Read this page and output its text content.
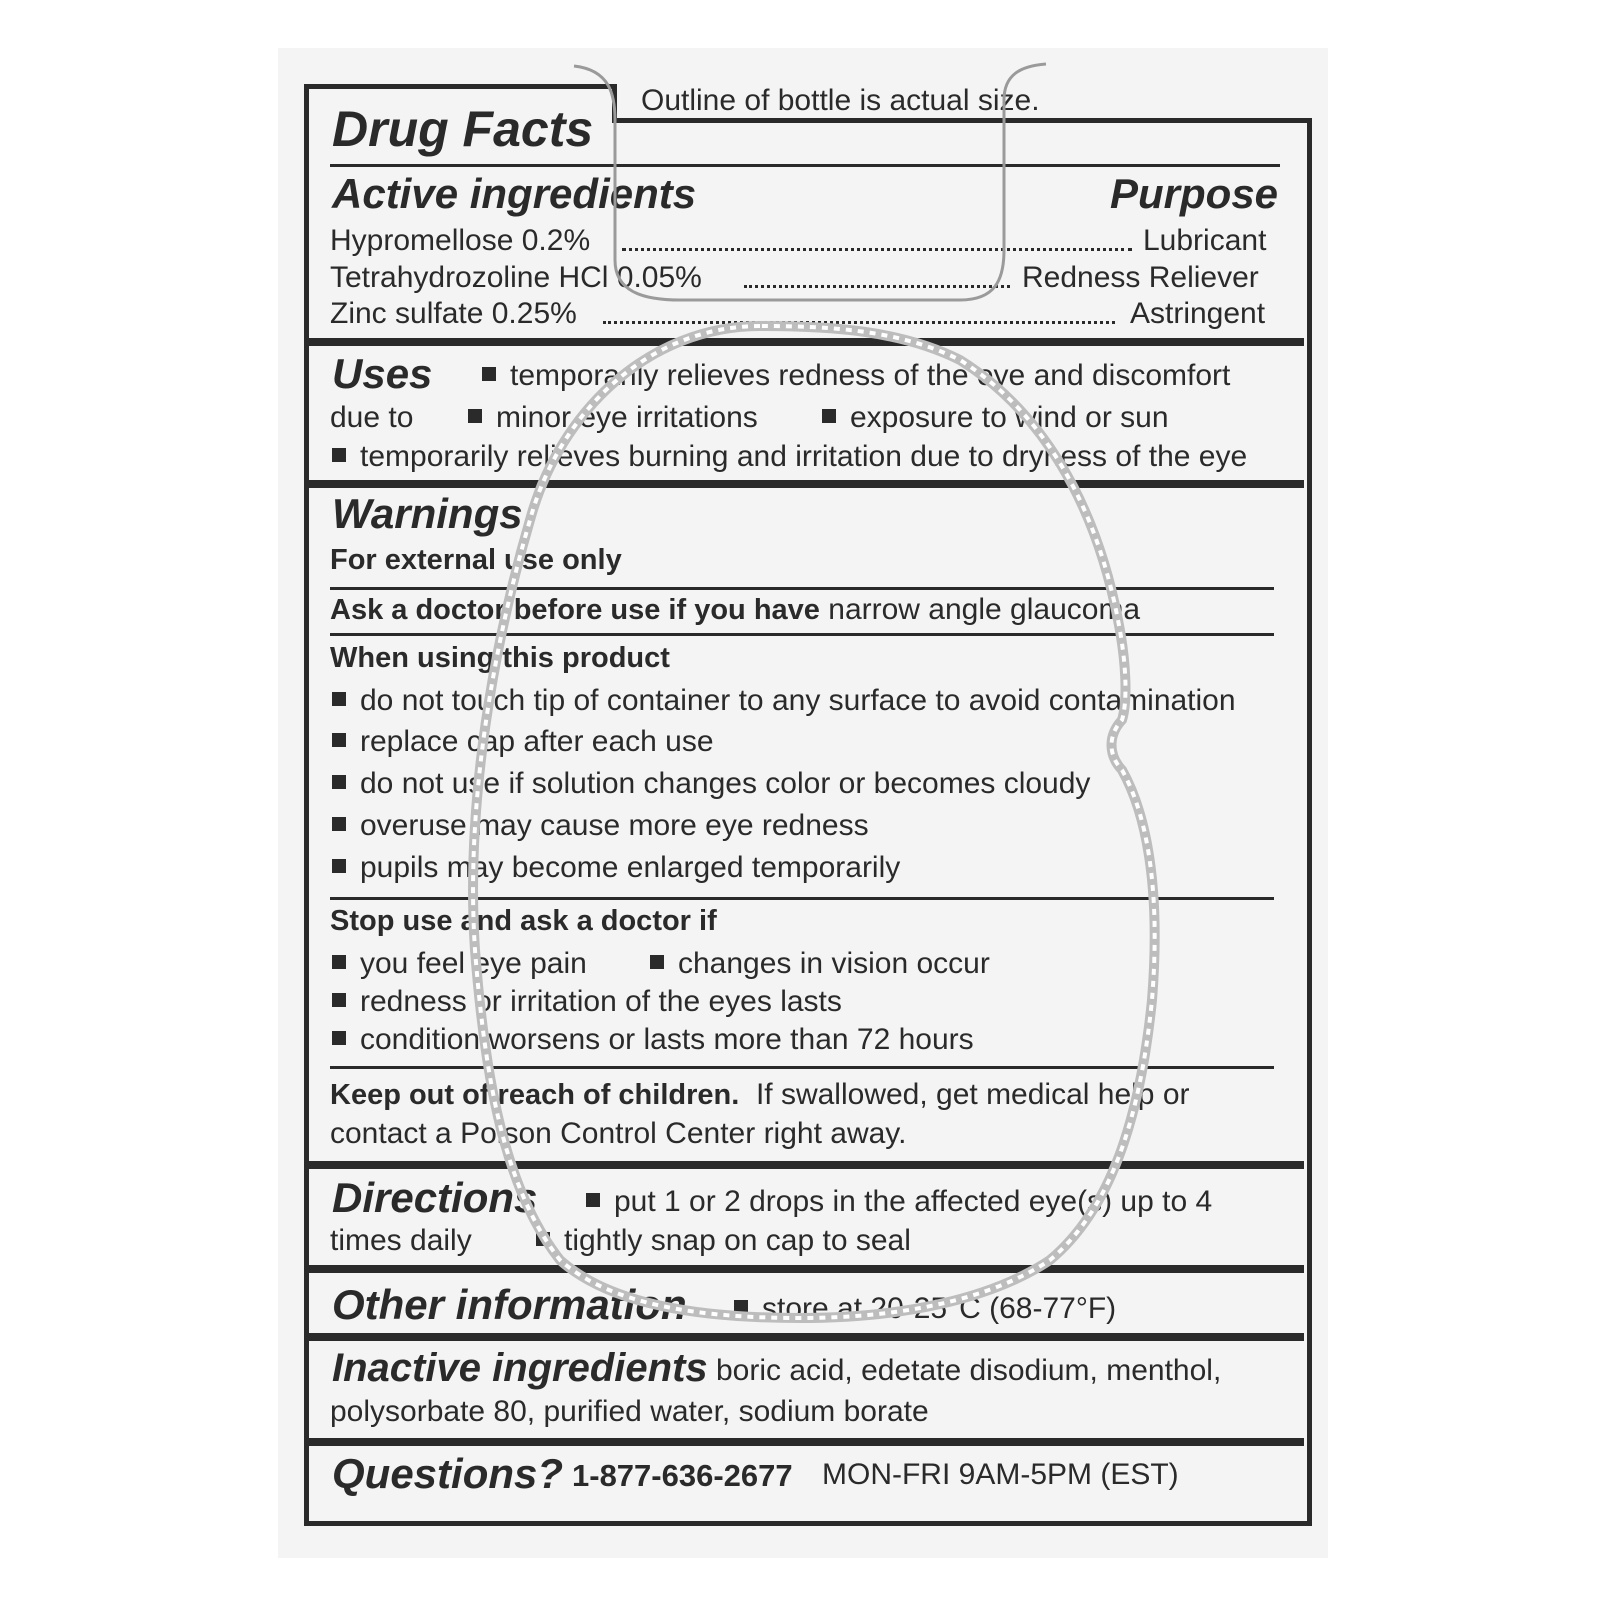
Outline of bottle is actual size.
Drug Facts
Active ingredients	Purpose
Hypromellose 0.2%	Lubricant
Tetrahydrozoline HCl 0.05%	Redness Reliever
Zinc sulfate 0.25%	Astringent
Uses	temporarily relieves redness of the eye and discomfort
due to	minor eye irritations	exposure to wind or sun
temporarily relieves burning and irritation due to dryness of the eye
Warnings
For external use only
Ask a doctor before use if you have narrow angle glaucoma
When using this product
do not touch tip of container to any surface to avoid contamination
replace cap after each use
do not use if solution changes color or becomes cloudy
overuse may cause more eye redness
pupils may become enlarged temporarily
Stop use and ask a doctor if
you feel eye pain	changes in vision occur
redness or irritation of the eyes lasts
condition worsens or lasts more than 72 hours
Keep out of reach of children. If swallowed, get medical help or
contact a Poison Control Center right away.
Directions	put 1 or 2 drops in the affected eye(s) up to 4
times daily	tightly snap on cap to seal
Other information	store at 20-25°C (68-77°F)
Inactive ingredients boric acid, edetate disodium, menthol,
polysorbate 80, purified water, sodium borate
Questions? 1-877-636-2677 MON-FRI 9AM-5PM (EST)
